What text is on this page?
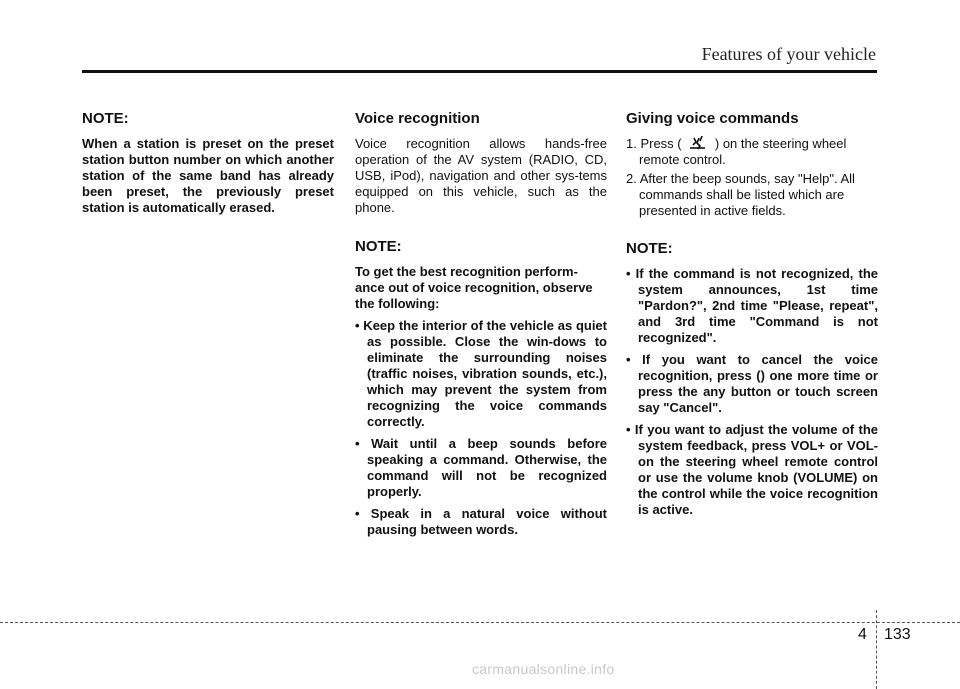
Features of your vehicle
NOTE:

When a station is preset on the preset station button number on which another station of the same band has already been preset, the previously preset station is automatically erased.

Voice recognition

Voice recognition allows hands-free operation of the AV system (RADIO, CD, USB, iPod), navigation and other sys-tems equipped on this vehicle, such as the phone.

NOTE:

To get the best recognition perform-ance out of voice recognition, observe the following:

• Keep the interior of the vehicle as quiet as possible. Close the win-dows to eliminate the surrounding noises (traffic noises, vibration sounds, etc.), which may prevent the system from recognizing the voice commands correctly.
• Wait until a beep sounds before speaking a command. Otherwise, the command will not be recognized properly.
• Speak in a natural voice without pausing between words.
Giving voice commands
1. Press (	) on the steering wheel remote control.
2. After the beep sounds, say "Help". All commands shall be listed which are presented in active fields.
NOTE:
• If the command is not recognized, the system announces, 1st time "Pardon?", 2nd time "Please, repeat", and 3rd time "Command is not recognized".
• If you want to cancel the voice recognition, press () one more time or press the any button or touch screen say "Cancel".
• If you want to adjust the volume of the system feedback, press VOL+ or VOL-on the steering wheel remote control or use the volume knob (VOLUME) on the control while the voice recognition is active.
4 133
carmanualsonline.info
